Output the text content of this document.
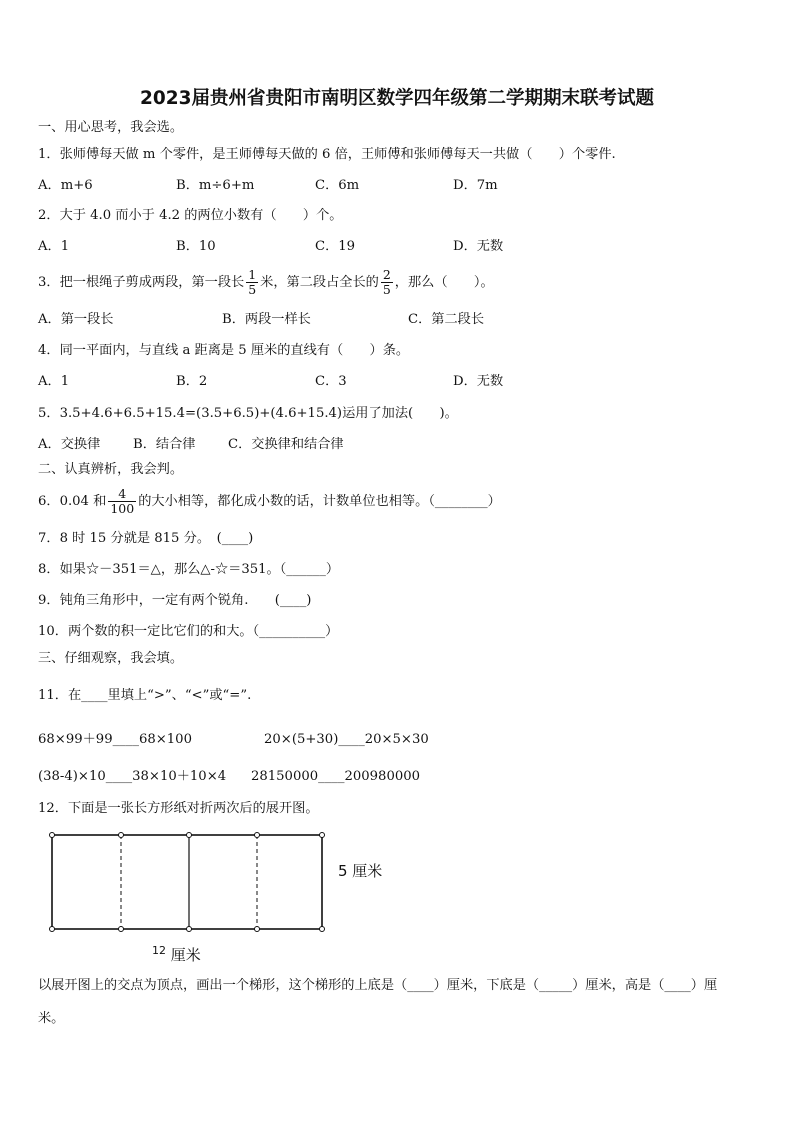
2023届贵州省贵阳市南明区数学四年级第二学期期末联考试题
一、用心思考，我会选。
1．张师傅每天做 m 个零件，是王师傅每天做的 6 倍，王师傅和张师傅每天一共做（　　）个零件.
A．m+6	B．m÷6+m	C．6m	D．7m
2．大于 4.0 而小于 4.2 的两位小数有（　　）个。
A．1	B．10	C．19	D．无数
3．把一根绳子剪成两段，第一段长 $\frac{1}{5}$ 米，第二段占全长的 $\frac{2}{5}$ ，那么（　　）。
A．第一段长	B．两段一样长	C．第二段长
4．同一平面内，与直线 a 距离是 5 厘米的直线有（　　）条。
A．1	B．2	C．3	D．无数
5．3.5+4.6+6.5+15.4=(3.5+6.5)+(4.6+15.4)运用了加法(　　)。
A．交换律 B．结合律 C．交换律和结合律
二、认真辨析，我会判。
6．0.04 和 $\frac{4}{100}$ 的大小相等，都化成小数的话，计数单位也相等。（________）
7．8 时 15 分就是 815 分。　(____)
8．如果☆－351＝△，那么△-☆＝351。（______）
9．钝角三角形中，一定有两个锐角.　　(____)
10．两个数的积一定比它们的和大。（__________）
三、仔细观察，我会填。
11．在____里填上“>”、“<”或“=”.
68×99＋99____68×100	20×(5+30)____20×5×30
(38-4)×10____38×10＋10×4 28150000____200980000
12．下面是一张长方形纸对折两次后的展开图。
5 厘米
$^{12}$ 厘米
以展开图上的交点为顶点，画出一个梯形，这个梯形的上底是（____）厘米，下底是（_____）厘米，高是（____）厘
米。
